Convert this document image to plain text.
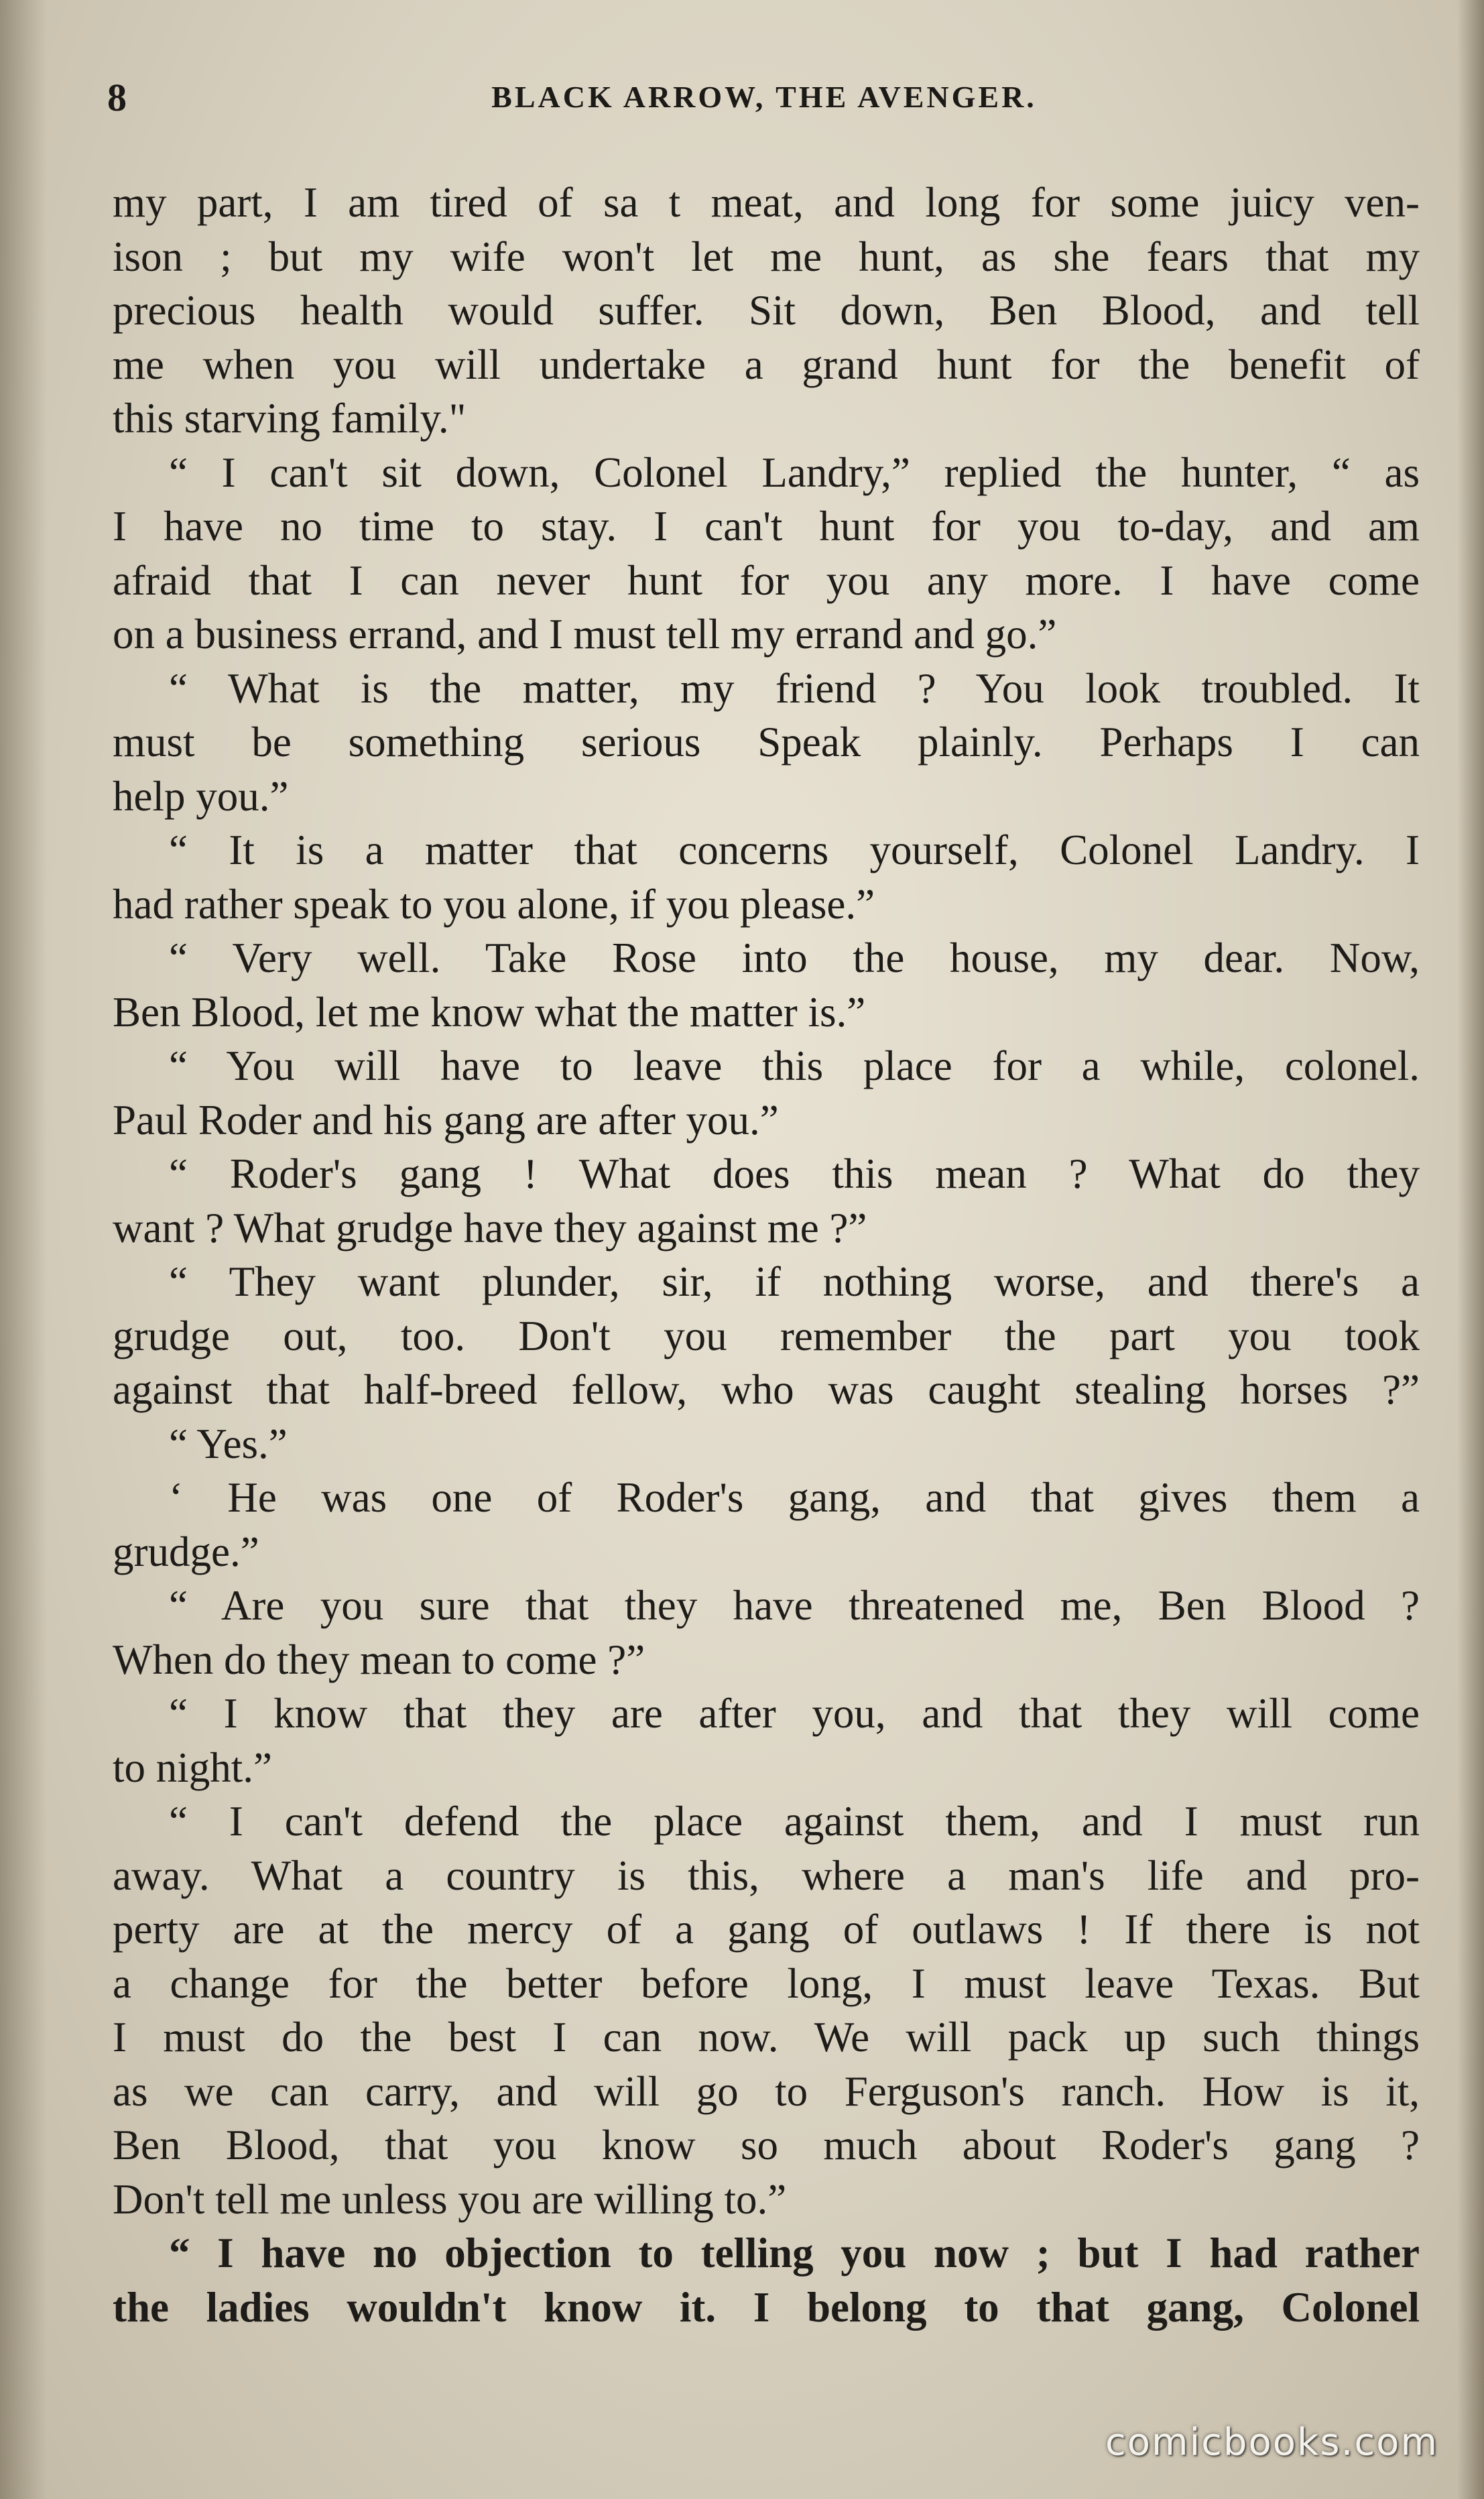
8	BLACK ARROW, THE AVENGER.
my part, I am tired of sa t meat, and long for some juicy ven-
ison ; but my wife won't let me hunt, as she fears that my
precious health would suffer. Sit down, Ben Blood, and tell
me when you will undertake a grand hunt for the benefit of
this starving family."
“ I can't sit down, Colonel Landry,” replied the hunter, “ as
I have no time to stay. I can't hunt for you to-day, and am
afraid that I can never hunt for you any more. I have come
on a business errand, and I must tell my errand and go.”
“ What is the matter, my friend ? You look troubled. It
must be something serious Speak plainly. Perhaps I can
help you.”
“ It is a matter that concerns yourself, Colonel Landry. I
had rather speak to you alone, if you please.”
“ Very well. Take Rose into the house, my dear. Now,
Ben Blood, let me know what the matter is.”
“ You will have to leave this place for a while, colonel.
Paul Roder and his gang are after you.”
“ Roder's gang ! What does this mean ? What do they
want ? What grudge have they against me ?”
“ They want plunder, sir, if nothing worse, and there's a
grudge out, too. Don't you remember the part you took
against that half-breed fellow, who was caught stealing horses ?”
“ Yes.”
‘ He was one of Roder's gang, and that gives them a
grudge.”
“ Are you sure that they have threatened me, Ben Blood ?
When do they mean to come ?”
“ I know that they are after you, and that they will come
to night.”
“ I can't defend the place against them, and I must run
away. What a country is this, where a man's life and pro-
perty are at the mercy of a gang of outlaws ! If there is not
a change for the better before long, I must leave Texas. But
I must do the best I can now. We will pack up such things
as we can carry, and will go to Ferguson's ranch. How is it,
Ben Blood, that you know so much about Roder's gang ?
Don't tell me unless you are willing to.”
“ I have no objection to telling you now ; but I had rather
the ladies wouldn't know it. I belong to that gang, Colonel
comicbooks.com
